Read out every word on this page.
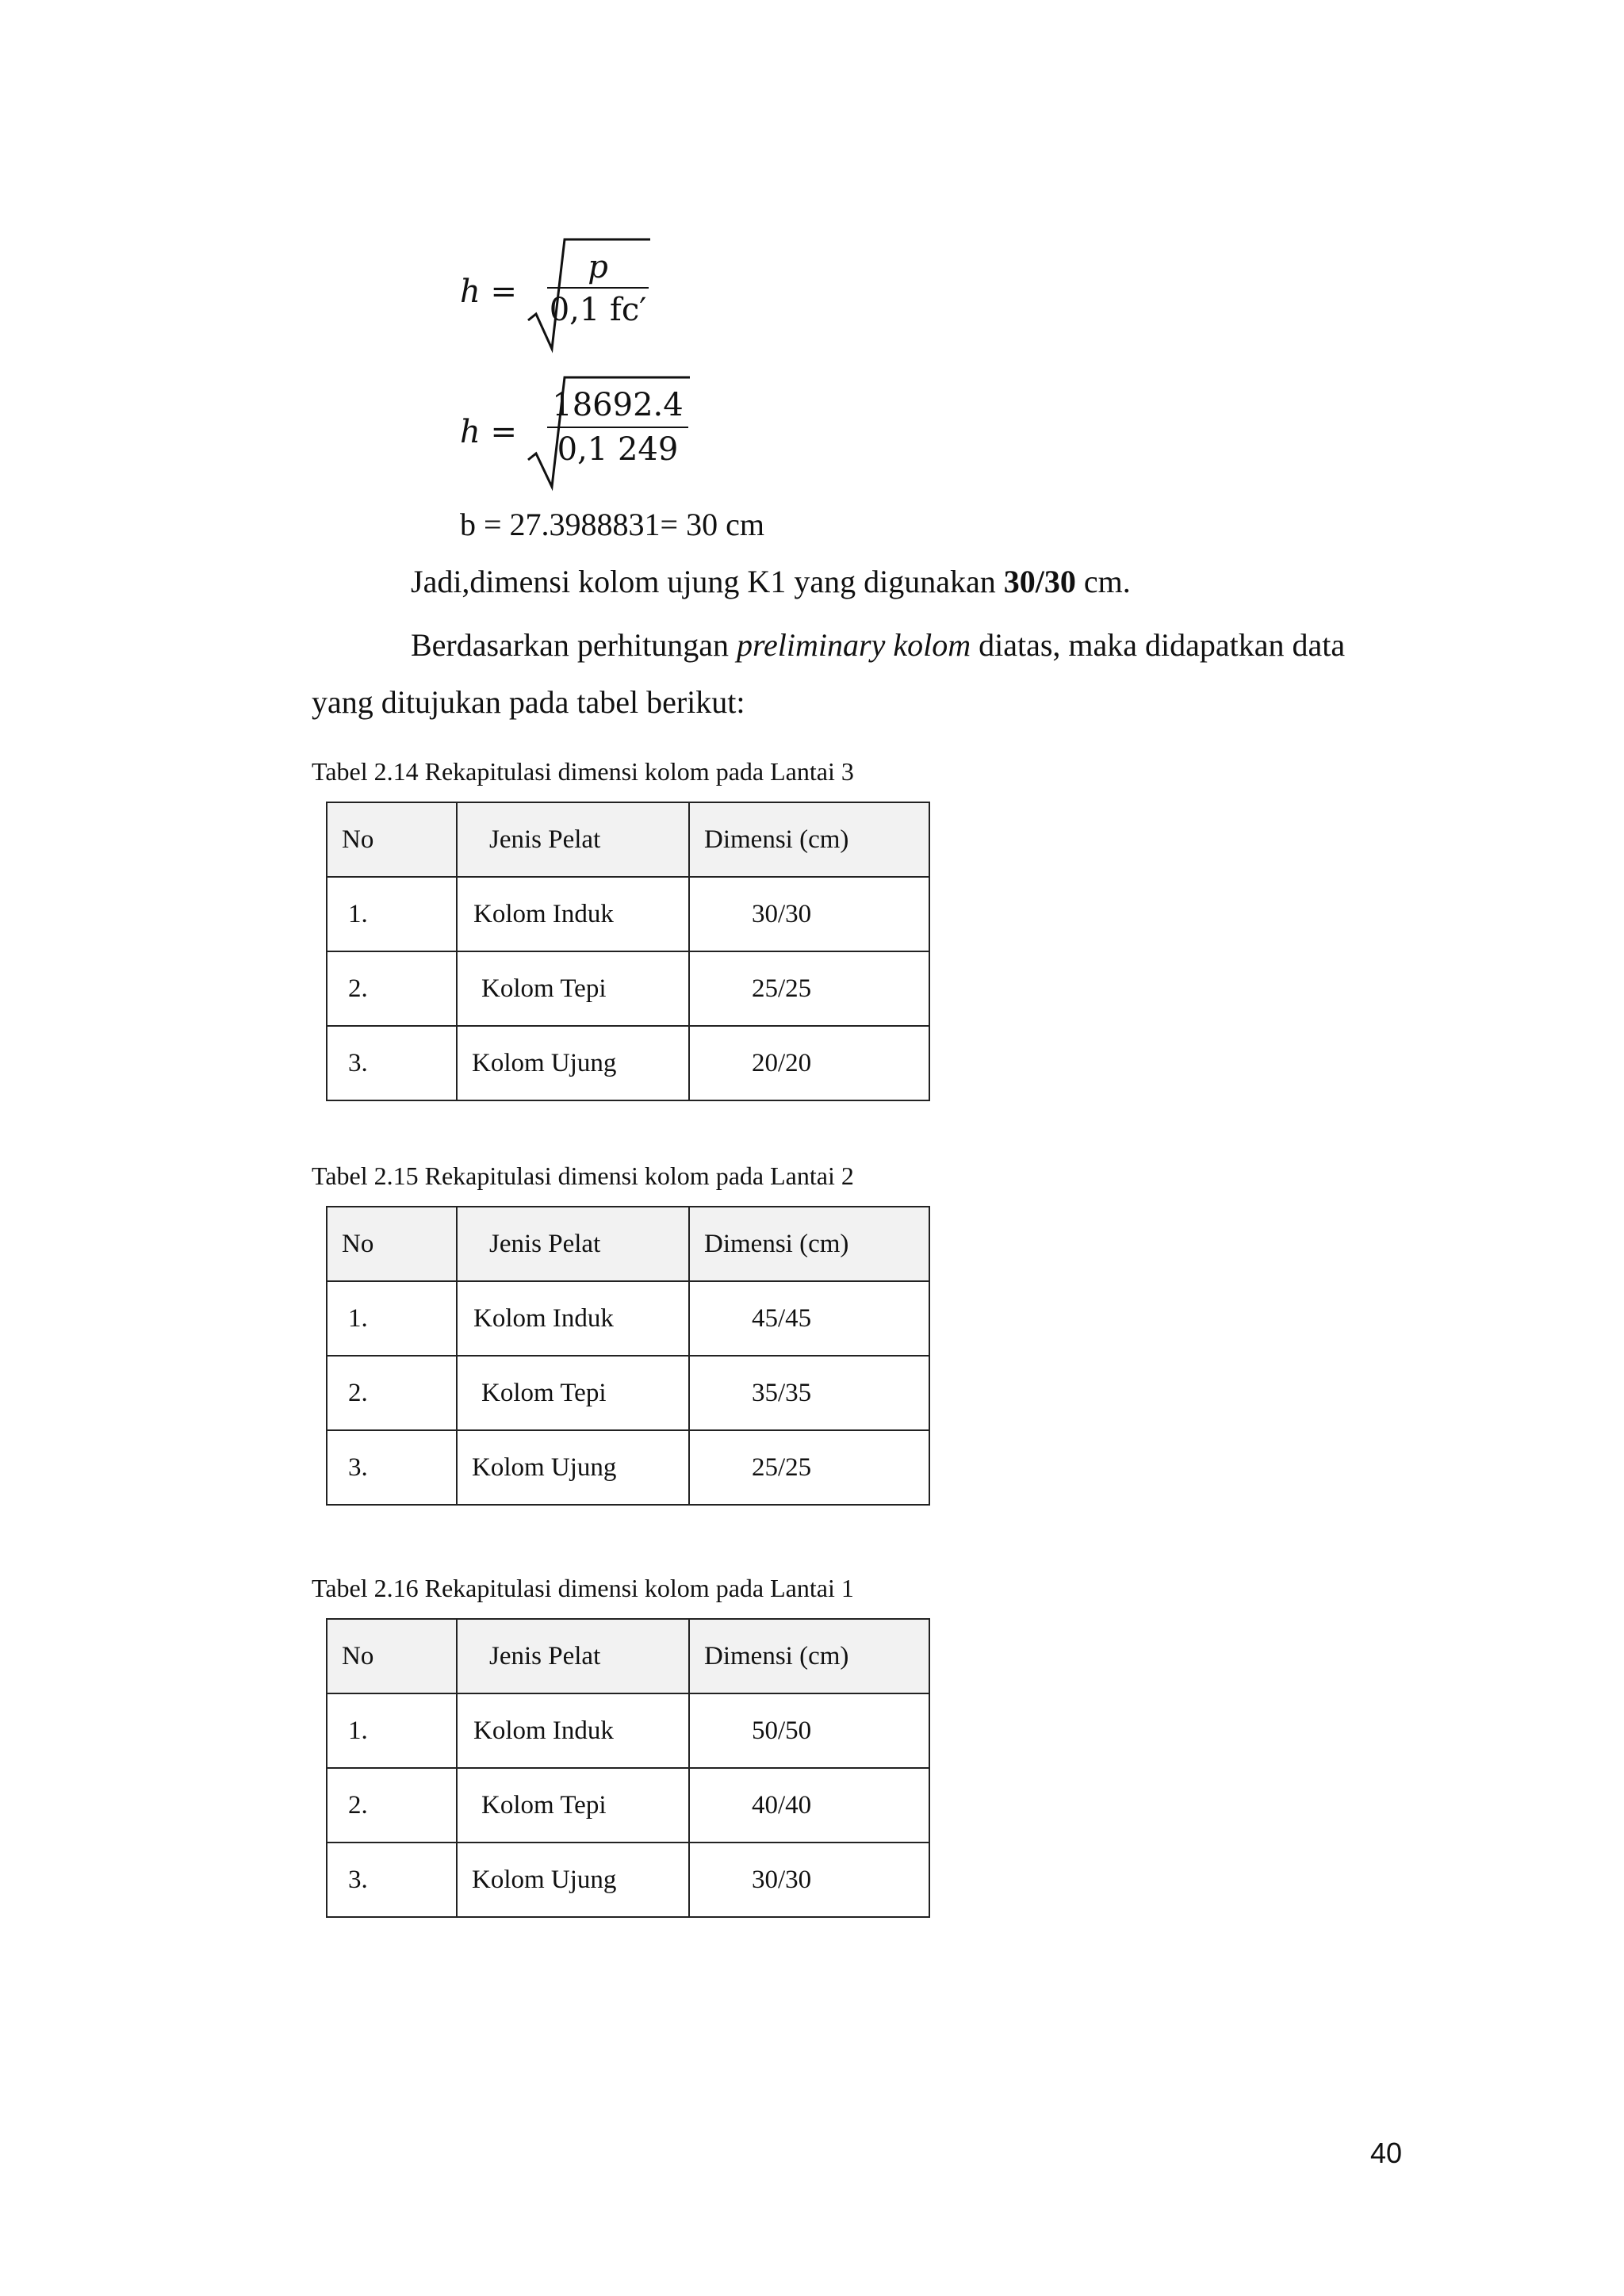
h =
p
0,1 fc′
h =
18692.4
0,1 249
b = 27.3988831= 30 cm
Jadi,dimensi kolom ujung K1 yang digunakan 30/30 cm.
Berdasarkan perhitungan preliminary kolom diatas, maka didapatkan data
yang ditujukan pada tabel berikut:
Tabel 2.14 Rekapitulasi dimensi kolom pada Lantai 3
No	Jenis Pelat	Dimensi (cm)
1.	Kolom Induk	30/30
2.	Kolom Tepi	25/25
3.	Kolom Ujung	20/20
Tabel 2.15 Rekapitulasi dimensi kolom pada Lantai 2
No	Jenis Pelat	Dimensi (cm)
1.	Kolom Induk	45/45
2.	Kolom Tepi	35/35
3.	Kolom Ujung	25/25
Tabel 2.16 Rekapitulasi dimensi kolom pada Lantai 1
No	Jenis Pelat	Dimensi (cm)
1.	Kolom Induk	50/50
2.	Kolom Tepi	40/40
3.	Kolom Ujung	30/30
40
